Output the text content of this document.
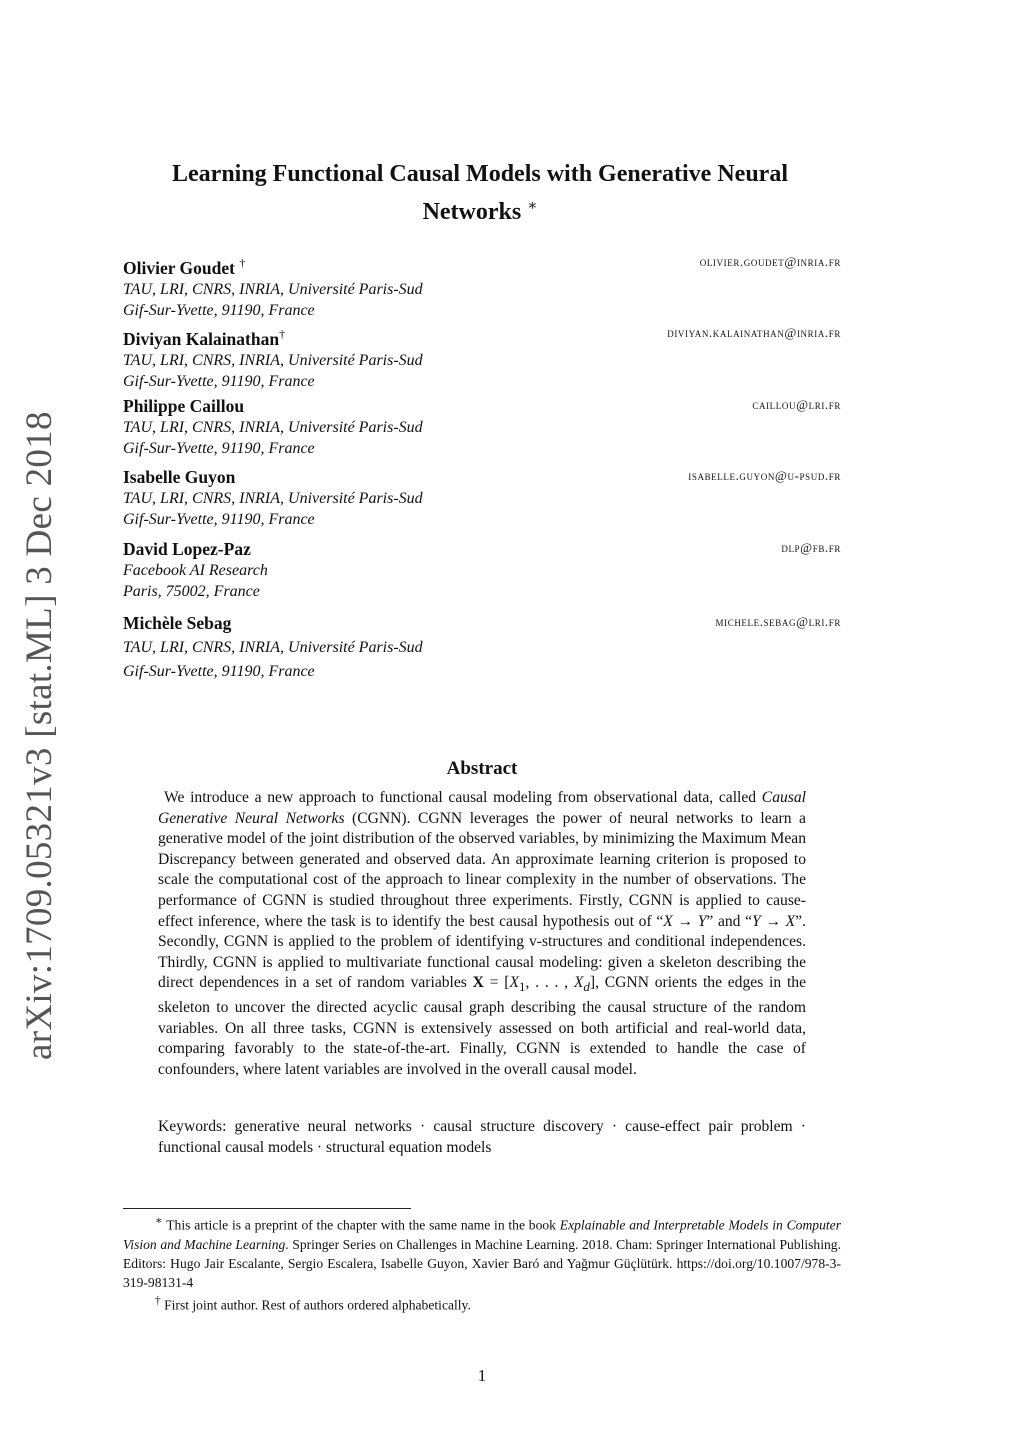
arXiv:1709.05321v3 [stat.ML] 3 Dec 2018
Learning Functional Causal Models with Generative Neural
Networks ∗
Olivier Goudet †
TAU, LRI, CNRS, INRIA, Université Paris-Sud
Gif-Sur-Yvette, 91190, France
olivier.goudet@inria.fr
Diviyan Kalainathan†
TAU, LRI, CNRS, INRIA, Université Paris-Sud
Gif-Sur-Yvette, 91190, France
diviyan.kalainathan@inria.fr
Philippe Caillou
TAU, LRI, CNRS, INRIA, Université Paris-Sud
Gif-Sur-Yvette, 91190, France
caillou@lri.fr
Isabelle Guyon
TAU, LRI, CNRS, INRIA, Université Paris-Sud
Gif-Sur-Yvette, 91190, France
isabelle.guyon@u-psud.fr
David Lopez-Paz
Facebook AI Research
Paris, 75002, France
dlp@fb.fr
Michèle Sebag
TAU, LRI, CNRS, INRIA, Université Paris-Sud
Gif-Sur-Yvette, 91190, France
michele.sebag@lri.fr
Abstract

We introduce a new approach to functional causal modeling from observational data, called Causal Generative Neural Networks (CGNN). CGNN leverages the power of neural networks to learn a generative model of the joint distribution of the observed variables, by minimizing the Maximum Mean Discrepancy between generated and observed data. An approximate learning criterion is proposed to scale the computational cost of the approach to linear complexity in the number of observations. The performance of CGNN is studied throughout three experiments. Firstly, CGNN is applied to cause-effect inference, where the task is to identify the best causal hypothesis out of “X → Y” and “Y → X”. Secondly, CGNN is applied to the problem of identifying v-structures and conditional independences. Thirdly, CGNN is applied to multivariate functional causal modeling: given a skeleton describing the direct dependences in a set of random variables $X = [X_1$, . . . , $X_d$], CGNN orients the edges in the skeleton to uncover the directed acyclic causal graph describing the causal structure of the random variables. On all three tasks, CGNN is extensively assessed on both artificial and real-world data, comparing favorably to the state-of-the-art. Finally, CGNN is extended to handle the case of confounders, where latent variables are involved in the overall causal model.

Keywords: generative neural networks · causal structure discovery · cause-effect pair problem · functional causal models · structural equation models

∗ This article is a preprint of the chapter with the same name in the book Explainable and Interpretable Models in Computer Vision and Machine Learning. Springer Series on Challenges in Machine Learning. 2018. Cham: Springer International Publishing. Editors: Hugo Jair Escalante, Sergio Escalera, Isabelle Guyon, Xavier Baró and Yağmur Güçlütürk. https://doi.org/10.1007/978-3-319-98131-4

† First joint author. Rest of authors ordered alphabetically.

1
